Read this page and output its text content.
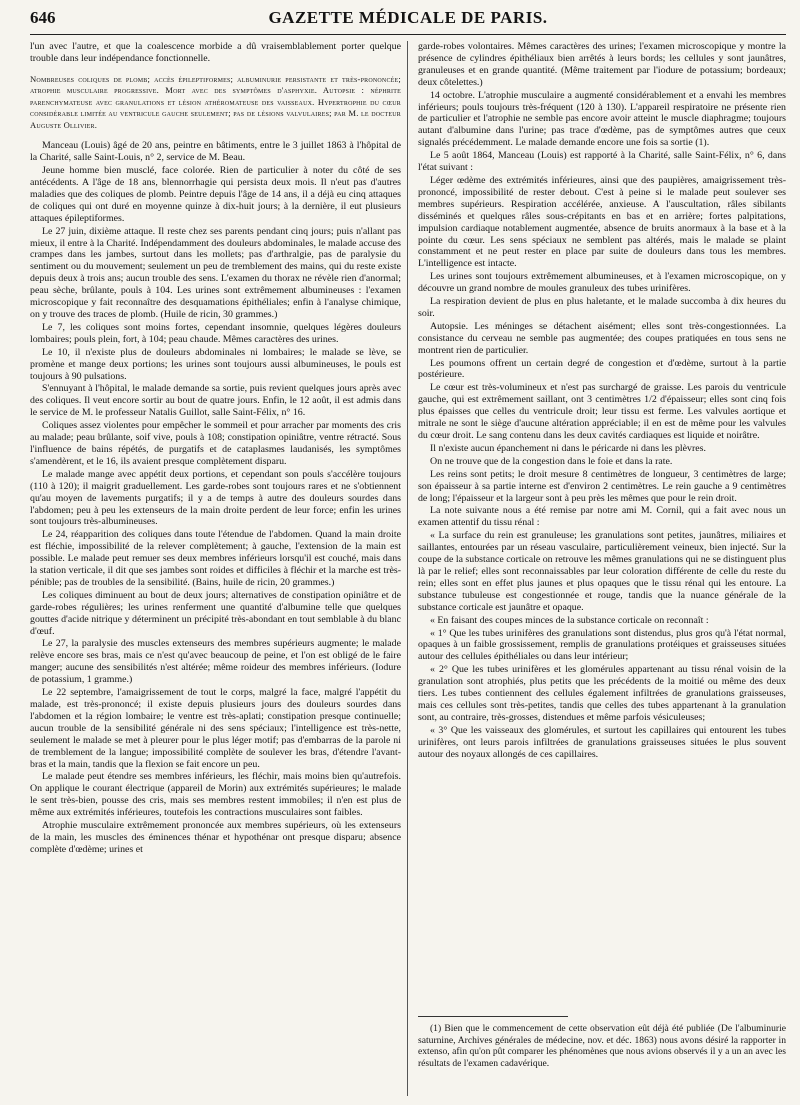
646	GAZETTE MÉDICALE DE PARIS.

l'un avec l'autre, et que la coalescence morbide a dû vraisemblablement porter quelque trouble dans leur indépendance fonctionnelle.

Nombreuses coliques de plomb; accès épileptiformes; albuminurie persistante et très-prononcée; atrophie musculaire progressive. Mort avec des symptômes d'asphyxie. Autopsie : néphrite parenchymateuse avec granulations et lésion athéromateuse des vaisseaux. Hypertrophie du cœur considérable limitée au ventricule gauche seulement; pas de lésions valvulaires; par M. le docteur Auguste Ollivier.

Manceau (Louis) âgé de 20 ans, peintre en bâtiments, entre le 3 juillet 1863 à l'hôpital de la Charité, salle Saint-Louis, n° 2, service de M. Beau.

Jeune homme bien musclé, face colorée. Rien de particulier à noter du côté de ses antécédents. A l'âge de 18 ans, blennorrhagie qui persista deux mois. Il n'eut pas d'autres maladies que des coliques de plomb. Peintre depuis l'âge de 14 ans, il a déjà eu cinq attaques de coliques qui ont duré en moyenne quinze à dix-huit jours; à la dernière, il eut plusieurs attaques épileptiformes.

Le 27 juin, dixième attaque. Il reste chez ses parents pendant cinq jours; puis n'allant pas mieux, il entre à la Charité. Indépendamment des douleurs abdominales, le malade accuse des crampes dans les jambes, surtout dans les mollets; pas d'arthralgie, pas de paralysie du sentiment ou du mouvement; seulement un peu de tremblement des mains, qui du reste existe depuis deux à trois ans; aucun trouble des sens. L'examen du thorax ne révèle rien d'anormal; peau sèche, brûlante, pouls à 104. Les urines sont extrêmement albumineuses : l'examen microscopique y fait reconnaître des desquamations épithéliales; enfin à l'analyse chimique, on y trouve des traces de plomb. (Huile de ricin, 30 grammes.)

Le 7, les coliques sont moins fortes, cependant insomnie, quelques légères douleurs lombaires; pouls plein, fort, à 104; peau chaude. Mêmes caractères des urines.

Le 10, il n'existe plus de douleurs abdominales ni lombaires; le malade se lève, se promène et mange deux portions; les urines sont toujours aussi albumineuses, le pouls est toujours à 90 pulsations.

S'ennuyant à l'hôpital, le malade demande sa sortie, puis revient quelques jours après avec des coliques. Il veut encore sortir au bout de quatre jours. Enfin, le 12 août, il est admis dans le service de M. le professeur Natalis Guillot, salle Saint-Félix, n° 16.

Coliques assez violentes pour empêcher le sommeil et pour arracher par moments des cris au malade; peau brûlante, soif vive, pouls à 108; constipation opiniâtre, ventre rétracté. Sous l'influence de bains répétés, de purgatifs et de cataplasmes laudanisés, les symptômes s'amendèrent, et le 16, ils avaient presque complètement disparu.

Le malade mange avec appétit deux portions, et cependant son pouls s'accélère toujours (110 à 120); il maigrit graduellement. Les garde-robes sont toujours rares et ne s'obtiennent qu'au moyen de lavements purgatifs; il y a de temps à autre des douleurs sourdes dans l'abdomen; peu à peu les extenseurs de la main droite perdent de leur force; enfin les urines sont toujours très-albumineuses.

Le 24, réapparition des coliques dans toute l'étendue de l'abdomen. Quand la main droite est fléchie, impossibilité de la relever complètement; à gauche, l'extension de la main est possible. Le malade peut remuer ses deux membres inférieurs lorsqu'il est couché, mais dans la station verticale, il dit que ses jambes sont roides et difficiles à fléchir et la marche est très-pénible; pas de troubles de la sensibilité. (Bains, huile de ricin, 20 grammes.)

Les coliques diminuent au bout de deux jours; alternatives de constipation opiniâtre et de garde-robes régulières; les urines renferment une quantité d'albumine telle que quelques gouttes d'acide nitrique y déterminent un précipité très-abondant en tout semblable à du blanc d'œuf.

Le 27, la paralysie des muscles extenseurs des membres supérieurs augmente; le malade relève encore ses bras, mais ce n'est qu'avec beaucoup de peine, et l'on est obligé de le faire manger; aucune des sensibilités n'est altérée; même roideur des membres inférieurs. (Iodure de potassium, 1 gramme.)

Le 22 septembre, l'amaigrissement de tout le corps, malgré la face, malgré l'appétit du malade, est très-prononcé; il existe depuis plusieurs jours des douleurs sourdes dans l'abdomen et la région lombaire; le ventre est très-aplati; constipation presque continuelle; aucun trouble de la sensibilité générale ni des sens spéciaux; l'intelligence est très-nette, seulement le malade se met à pleurer pour le plus léger motif; pas d'embarras de la parole ni de tremblement de la langue; impossibilité complète de soulever les bras, d'étendre l'avant-bras et la main, tandis que la flexion se fait encore un peu.

Le malade peut étendre ses membres inférieurs, les fléchir, mais moins bien qu'autrefois. On applique le courant électrique (appareil de Morin) aux extrémités supérieures; le malade le sent très-bien, pousse des cris, mais ses membres restent immobiles; il n'en est plus de même aux extrémités inférieures, toutefois les contractions musculaires sont faibles.

Atrophie musculaire extrêmement prononcée aux membres supérieurs, où les extenseurs de la main, les muscles des éminences thénar et hypothénar ont presque disparu; absence complète d'œdème; urines et

garde-robes volontaires. Mêmes caractères des urines; l'examen microscopique y montre la présence de cylindres épithéliaux bien arrêtés à leurs bords; les cellules y sont jaunâtres, granuleuses et en grande quantité. (Même traitement par l'iodure de potassium; bordeaux; deux côtelettes.)

14 octobre. L'atrophie musculaire a augmenté considérablement et a envahi les membres inférieurs; pouls toujours très-fréquent (120 à 130). L'appareil respiratoire ne présente rien de particulier et l'atrophie ne semble pas encore avoir atteint le muscle diaphragme; toujours autant d'albumine dans l'urine; pas trace d'œdème, pas de symptômes autres que ceux signalés précédemment. Le malade demande encore une fois sa sortie (1).

Le 5 août 1864, Manceau (Louis) est rapporté à la Charité, salle Saint-Félix, n° 6, dans l'état suivant :

Léger œdème des extrémités inférieures, ainsi que des paupières, amaigrissement très-prononcé, impossibilité de rester debout. C'est à peine si le malade peut soulever ses membres supérieurs. Respiration accélérée, anxieuse. A l'auscultation, râles sibilants disséminés et quelques râles sous-crépitants en bas et en arrière; fortes palpitations, impulsion cardiaque notablement augmentée, absence de bruits anormaux à la base et à la pointe du cœur. Les sens spéciaux ne semblent pas altérés, mais le malade se plaint constamment et ne peut rester en place par suite de douleurs dans tous les membres. L'intelligence est intacte.

Les urines sont toujours extrêmement albumineuses, et à l'examen microscopique, on y découvre un grand nombre de moules granuleux des tubes urinifères.

La respiration devient de plus en plus haletante, et le malade succomba à dix heures du soir.

Autopsie. Les méninges se détachent aisément; elles sont très-congestionnées. La consistance du cerveau ne semble pas augmentée; des coupes pratiquées en tous sens ne montrent rien de particulier.

Les poumons offrent un certain degré de congestion et d'œdème, surtout à la partie postérieure.

Le cœur est très-volumineux et n'est pas surchargé de graisse. Les parois du ventricule gauche, qui est extrêmement saillant, ont 3 centimètres 1/2 d'épaisseur; elles sont cinq fois plus épaisses que celles du ventricule droit; leur tissu est ferme. Les valvules aortique et mitrale ne sont le siège d'aucune altération appréciable; il en est de même pour les valvules du cœur droit. Le sang contenu dans les deux cavités cardiaques est liquide et noirâtre.

Il n'existe aucun épanchement ni dans le péricarde ni dans les plèvres.

On ne trouve que de la congestion dans le foie et dans la rate.

Les reins sont petits; le droit mesure 8 centimètres de longueur, 3 centimètres de large; son épaisseur à sa partie interne est d'environ 2 centimètres. Le rein gauche a 9 centimètres de long; l'épaisseur et la largeur sont à peu près les mêmes que pour le rein droit.

La note suivante nous a été remise par notre ami M. Cornil, qui a fait avec nous un examen attentif du tissu rénal :

« La surface du rein est granuleuse; les granulations sont petites, jaunâtres, miliaires et saillantes, entourées par un réseau vasculaire, particulièrement veineux, bien injecté. Sur la coupe de la substance corticale on retrouve les mêmes granulations qui ne se distinguent plus là par le relief; elles sont reconnaissables par leur coloration différente de celle du reste du rein; elles sont en effet plus jaunes et plus opaques que le tissu rénal qui les entoure. La substance tubuleuse est congestionnée et rouge, tandis que la nuance générale de la substance corticale est jaunâtre et opaque.

« En faisant des coupes minces de la substance corticale on reconnaît :

« 1° Que les tubes urinifères des granulations sont distendus, plus gros qu'à l'état normal, opaques à un faible grossissement, remplis de granulations protéiques et graisseuses situées autour des cellules épithéliales ou dans leur intérieur;

« 2° Que les tubes urinifères et les glomérules appartenant au tissu rénal voisin de la granulation sont atrophiés, plus petits que les précédents de la moitié ou même des deux tiers. Les tubes contiennent des cellules également infiltrées de granulations graisseuses, mais ces cellules sont très-petites, tandis que celles des tubes appartenant à la granulation sont, au contraire, très-grosses, distendues et même parfois vésiculeuses;

« 3° Que les vaisseaux des glomérules, et surtout les capillaires qui entourent les tubes urinifères, ont leurs parois infiltrées de granulations graisseuses situées le plus souvent autour des noyaux allongés de ces capillaires.

(1) Bien que le commencement de cette observation eût déjà été publiée (De l'albuminurie saturnine, Archives générales de médecine, nov. et déc. 1863) nous avons désiré la rapporter in extenso, afin qu'on pût comparer les phénomènes que nous avions observés il y a un an avec les résultats de l'examen cadavérique.
